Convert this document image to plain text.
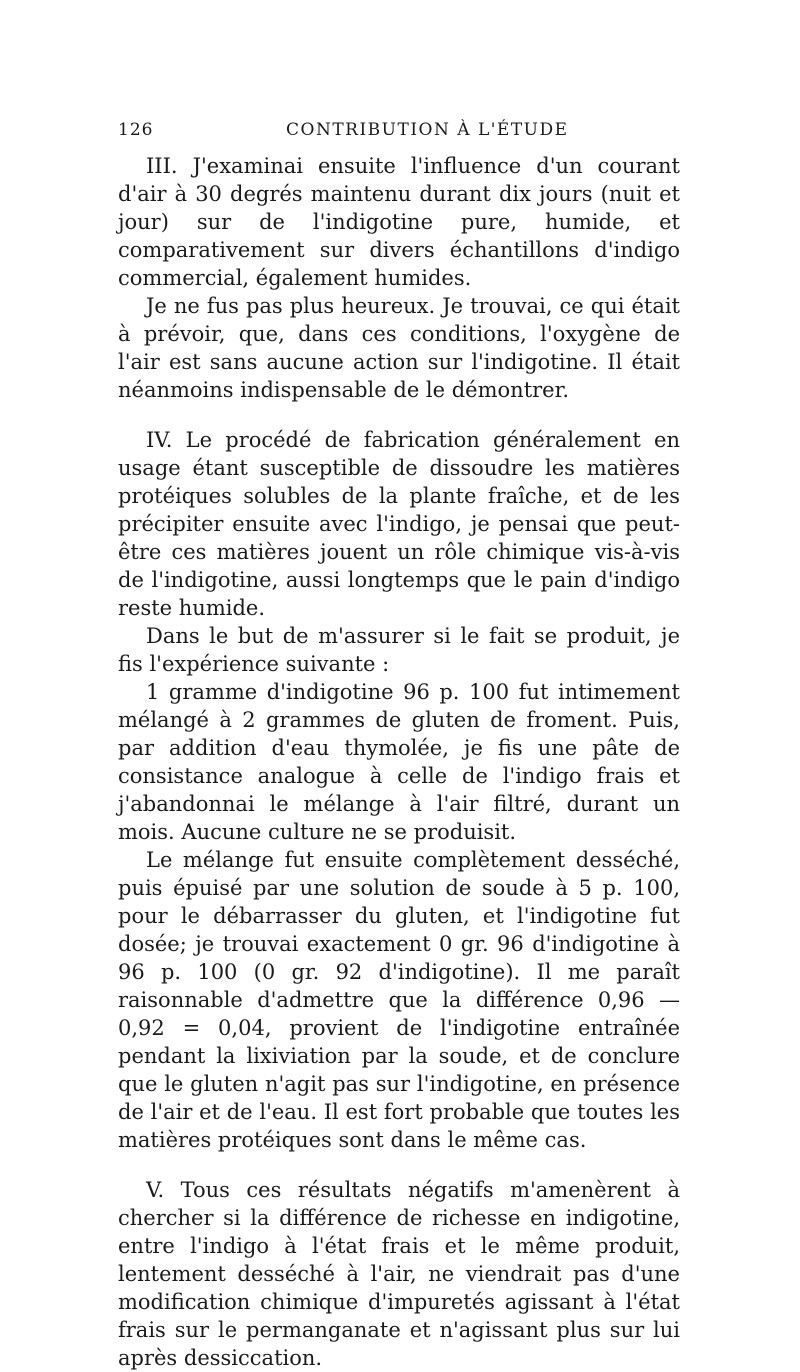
126	CONTRIBUTION À L'ÉTUDE

III. J'examinai ensuite l'influence d'un courant d'air à 30 degrés maintenu durant dix jours (nuit et jour) sur de l'indigotine pure, humide, et comparativement sur divers échantillons d'indigo commercial, également humides.

Je ne fus pas plus heureux. Je trouvai, ce qui était à prévoir, que, dans ces conditions, l'oxygène de l'air est sans aucune action sur l'indigotine. Il était néanmoins indispensable de le démontrer.

IV. Le procédé de fabrication généralement en usage étant susceptible de dissoudre les matières protéiques solubles de la plante fraîche, et de les précipiter ensuite avec l'indigo, je pensai que peut-être ces matières jouent un rôle chimique vis-à-vis de l'indigotine, aussi longtemps que le pain d'indigo reste humide.

Dans le but de m'assurer si le fait se produit, je fis l'expérience suivante :

1 gramme d'indigotine 96 p. 100 fut intimement mélangé à 2 grammes de gluten de froment. Puis, par addition d'eau thymolée, je fis une pâte de consistance analogue à celle de l'indigo frais et j'abandonnai le mélange à l'air filtré, durant un mois. Aucune culture ne se produisit.

Le mélange fut ensuite complètement desséché, puis épuisé par une solution de soude à 5 p. 100, pour le débarrasser du gluten, et l'indigotine fut dosée; je trouvai exactement 0 gr. 96 d'indigotine à 96 p. 100 (0 gr. 92 d'indigotine). Il me paraît raisonnable d'admettre que la différence 0,96 — 0,92 = 0,04, provient de l'indigotine entraînée pendant la lixiviation par la soude, et de conclure que le gluten n'agit pas sur l'indigotine, en présence de l'air et de l'eau. Il est fort probable que toutes les matières protéiques sont dans le même cas.

V. Tous ces résultats négatifs m'amenèrent à chercher si la différence de richesse en indigotine, entre l'indigo à l'état frais et le même produit, lentement desséché à l'air, ne viendrait pas d'une modification chimique d'impuretés agissant à l'état frais sur le permanganate et n'agissant plus sur lui après dessiccation.
